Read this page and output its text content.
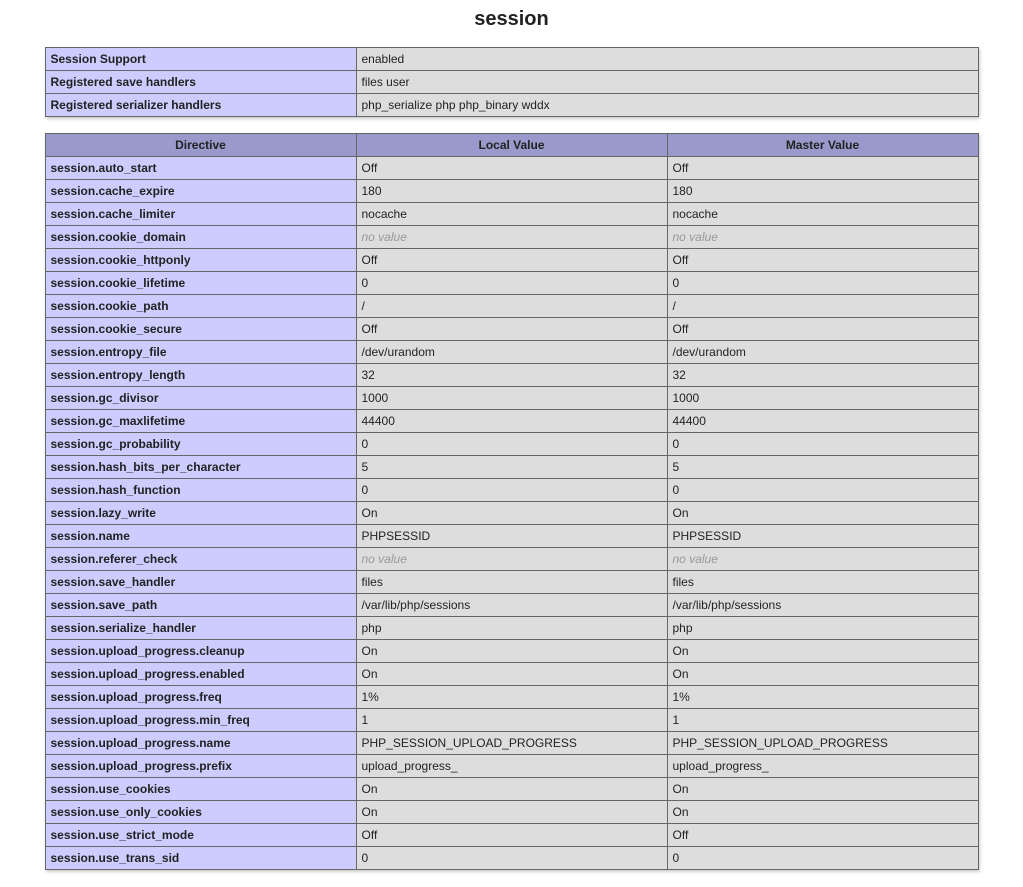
session
Session Support	enabled
Registered save handlers	files user
Registered serializer handlers	php_serialize php php_binary wddx
Directive	Local Value	Master Value
session.auto_start	Off	Off
session.cache_expire	180	180
session.cache_limiter	nocache	nocache
session.cookie_domain	no value	no value
session.cookie_httponly	Off	Off
session.cookie_lifetime	0	0
session.cookie_path	/	/
session.cookie_secure	Off	Off
session.entropy_file	/dev/urandom	/dev/urandom
session.entropy_length	32	32
session.gc_divisor	1000	1000
session.gc_maxlifetime	44400	44400
session.gc_probability	0	0
session.hash_bits_per_character	5	5
session.hash_function	0	0
session.lazy_write	On	On
session.name	PHPSESSID	PHPSESSID
session.referer_check	no value	no value
session.save_handler	files	files
session.save_path	/var/lib/php/sessions	/var/lib/php/sessions
session.serialize_handler	php	php
session.upload_progress.cleanup	On	On
session.upload_progress.enabled	On	On
session.upload_progress.freq	1%	1%
session.upload_progress.min_freq	1	1
session.upload_progress.name	PHP_SESSION_UPLOAD_PROGRESS	PHP_SESSION_UPLOAD_PROGRESS
session.upload_progress.prefix	upload_progress_	upload_progress_
session.use_cookies	On	On
session.use_only_cookies	On	On
session.use_strict_mode	Off	Off
session.use_trans_sid	0	0
